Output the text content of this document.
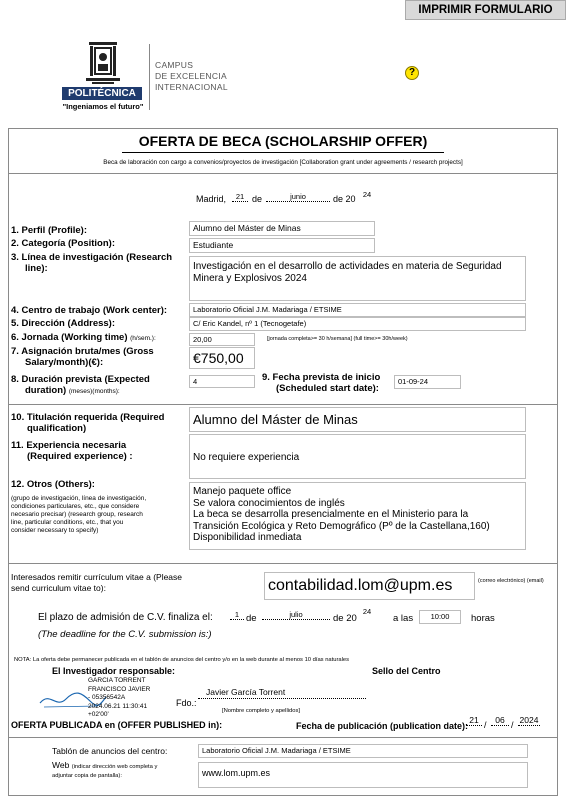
IMPRIMIR FORMULARIO
POLITÉCNICA
"Ingeniamos el futuro"
CAMPUS
DE EXCELENCIA
INTERNACIONAL
?
OFERTA DE BECA (SCHOLARSHIP OFFER)
Beca de laboración con cargo a convenios/proyectos de investigación [Collaboration grant under agreements / research projects]
Madrid,	21 de	junio	de 20 24
1. Perfil (Profile):	Alumno del Máster de Minas
2. Categoría (Position):	Estudiante
3. Línea de investigación (Research
line):	Investigación en el desarrollo de actividades en materia de Seguridad Minera y Explosivos 2024
4. Centro de trabajo (Work center):	Laboratorio Oficial J.M. Madariaga / ETSIME
5. Dirección (Address):	C/ Eric Kandel, nº 1 (Tecnogetafe)
6. Jornada (Working time) (h/sem.):	20,00	[jornada completa>= 30 h/semana] (full time>= 30h/week)
7. Asignación bruta/mes (Gross
Salary/month)(€):	€750,00
8. Duración prevista (Expected
duration) (meses)(months):
4	9. Fecha prevista de inicio
(Scheduled start date):
01-09-24
10. Titulación requerida (Required
qualification)
Alumno del Máster de Minas
11. Experiencia necesaria
(Required experience) :	No requiere experiencia
12. Otros (Others):
(grupo de investigación, línea de investigación,
condiciones particulares, etc., que considere
necesario precisar) (research group, research
line, particular conditions, etc., that you
consider necessary to specify)
Manejo paquete office
Se valora conocimientos de inglés
La beca se desarrolla presencialmente en el Ministerio para la
Transición Ecológica y Reto Demográfico (Pº de la Castellana,160)
Disponibilidad inmediata
Interesados remitir currículum vitae a (Please
send curriculum vitae to):	contabilidad.lom@upm.es	(correo electrónico) (email)
El plazo de admisión de C.V. finaliza el:	1 de	julio	de 20
24
a las	10:00	horas
(The deadline for the C.V. submission is:)
NOTA: La oferta debe permanecer publicada en el tablón de anuncios del centro y/o en la web durante al menos 10 días naturales
El Investigador responsable:	Sello del Centro
GARCIA TORRENT
FRANCISCO JAVIER
- 05356542A
2024.06.21 11:30:41
+02'00'
Fdo.:
Javier García Torrent
[Nombre completo y apellidos]
OFERTA PUBLICADA en (OFFER PUBLISHED in):	Fecha de publicación (publication date):
21 /	06 / 2024
Tablón de anuncios del centro:	Laboratorio Oficial J.M. Madariaga / ETSIME
Web (indicar dirección web completa y
adjuntar copia de pantalla):	www.lom.upm.es
